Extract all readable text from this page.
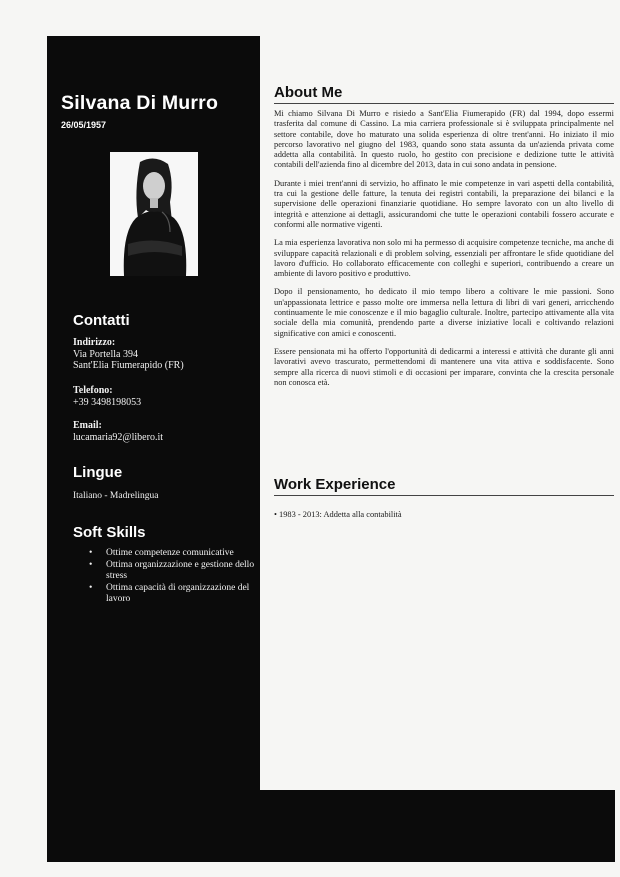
Silvana Di Murro
26/05/1957
Contatti
Indirizzo:
Via Portella 394
Sant'Elia Fiumerapido (FR)
Telefono:
+39 3498198053
Email:
lucamaria92@libero.it
Lingue
Italiano - Madrelingua
Soft Skills
• Ottime competenze comunicative
• Ottima organizzazione e gestione dello stress
• Ottima capacità di organizzazione del lavoro
About Me

Mi chiamo Silvana Di Murro e risiedo a Sant'Elia Fiumerapido (FR) dal 1994, dopo essermi trasferita dal comune di Cassino. La mia carriera professionale si è sviluppata principalmente nel settore contabile, dove ho maturato una solida esperienza di oltre trent'anni. Ho iniziato il mio percorso lavorativo nel giugno del 1983, quando sono stata assunta da un'azienda privata come addetta alla contabilità. In questo ruolo, ho gestito con precisione e dedizione tutte le attività contabili dell'azienda fino al dicembre del 2013, data in cui sono andata in pensione.

Durante i miei trent'anni di servizio, ho affinato le mie competenze in vari aspetti della contabilità, tra cui la gestione delle fatture, la tenuta dei registri contabili, la preparazione dei bilanci e la supervisione delle operazioni finanziarie quotidiane. Ho sempre lavorato con un alto livello di integrità e attenzione ai dettagli, assicurandomi che tutte le operazioni contabili fossero accurate e conformi alle normative vigenti.

La mia esperienza lavorativa non solo mi ha permesso di acquisire competenze tecniche, ma anche di sviluppare capacità relazionali e di problem solving, essenziali per affrontare le sfide quotidiane del lavoro d'ufficio. Ho collaborato efficacemente con colleghi e superiori, contribuendo a creare un ambiente di lavoro positivo e produttivo.

Dopo il pensionamento, ho dedicato il mio tempo libero a coltivare le mie passioni. Sono un'appassionata lettrice e passo molte ore immersa nella lettura di libri di vari generi, arricchendo continuamente le mie conoscenze e il mio bagaglio culturale. Inoltre, partecipo attivamente alla vita sociale della mia comunità, prendendo parte a diverse iniziative locali e coltivando relazioni significative con amici e conoscenti.

Essere pensionata mi ha offerto l'opportunità di dedicarmi a interessi e attività che durante gli anni lavorativi avevo trascurato, permettendomi di mantenere una vita attiva e soddisfacente. Sono sempre alla ricerca di nuovi stimoli e di occasioni per imparare, convinta che la crescita personale non conosca età.

Work Experience
• 1983 - 2013: Addetta alla contabilità
